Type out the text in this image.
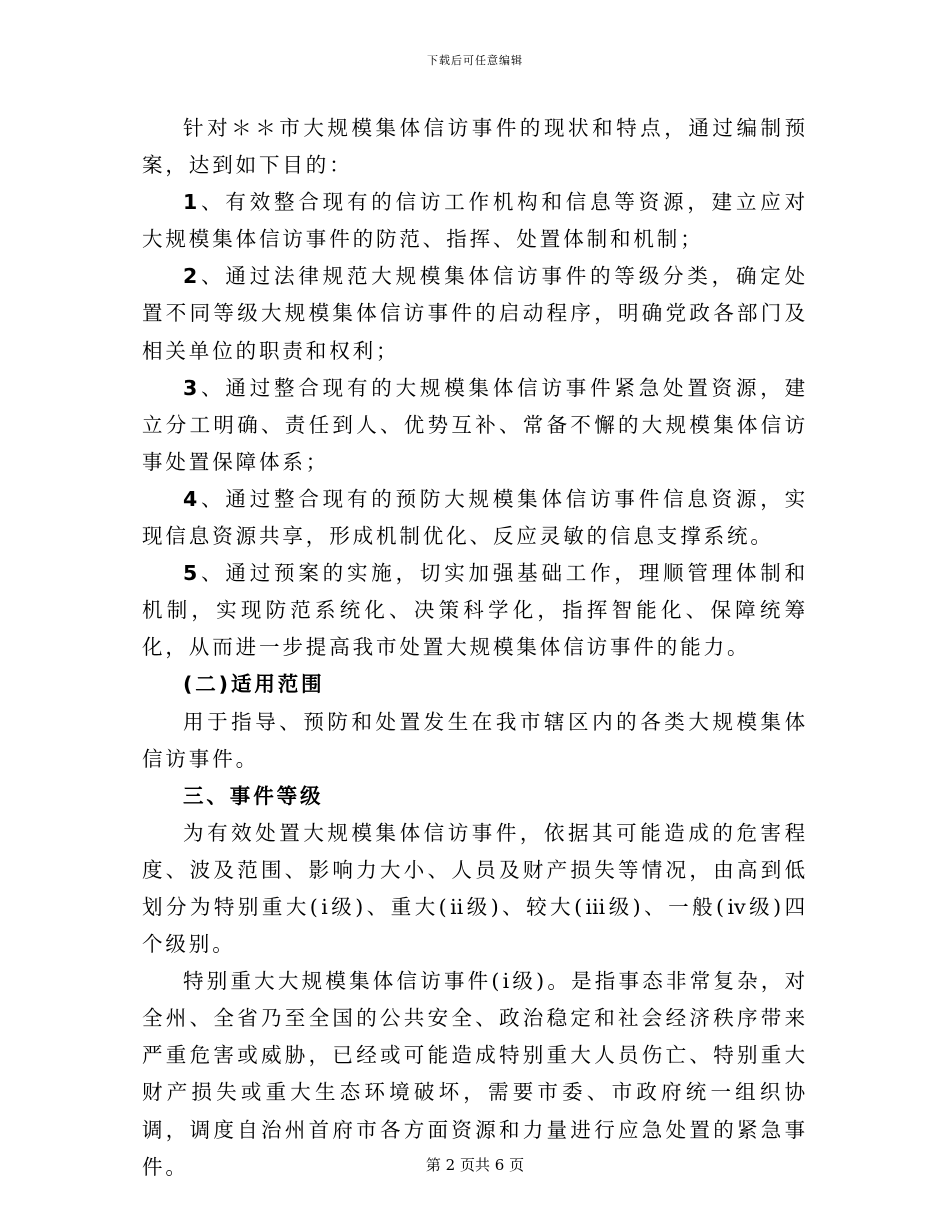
下载后可任意编辑

针对＊＊市大规模集体信访事件的现状和特点，通过编制预案，达到如下目的：

1、有效整合现有的信访工作机构和信息等资源，建立应对大规模集体信访事件的防范、指挥、处置体制和机制；

2、通过法律规范大规模集体信访事件的等级分类，确定处置不同等级大规模集体信访事件的启动程序，明确党政各部门及相关单位的职责和权利；

3、通过整合现有的大规模集体信访事件紧急处置资源，建立分工明确、责任到人、优势互补、常备不懈的大规模集体信访事处置保障体系；

4、通过整合现有的预防大规模集体信访事件信息资源，实现信息资源共享，形成机制优化、反应灵敏的信息支撑系统。

5、通过预案的实施，切实加强基础工作，理顺管理体制和机制，实现防范系统化、决策科学化，指挥智能化、保障统筹化，从而进一步提高我市处置大规模集体信访事件的能力。

(二)适用范围

用于指导、预防和处置发生在我市辖区内的各类大规模集体信访事件。

三、事件等级

为有效处置大规模集体信访事件，依据其可能造成的危害程度、波及范围、影响力大小、人员及财产损失等情况，由高到低划分为特别重大(ⅰ级)、重大(ⅱ级)、较大(ⅲ级)、一般(ⅳ级)四个级别。

特别重大大规模集体信访事件(ⅰ级)。是指事态非常复杂，对全州、全省乃至全国的公共安全、政治稳定和社会经济秩序带来严重危害或威胁，已经或可能造成特别重大人员伤亡、特别重大财产损失或重大生态环境破坏，需要市委、市政府统一组织协调，调度自治州首府市各方面资源和力量进行应急处置的紧急事件。	第 2 页共 6 页
